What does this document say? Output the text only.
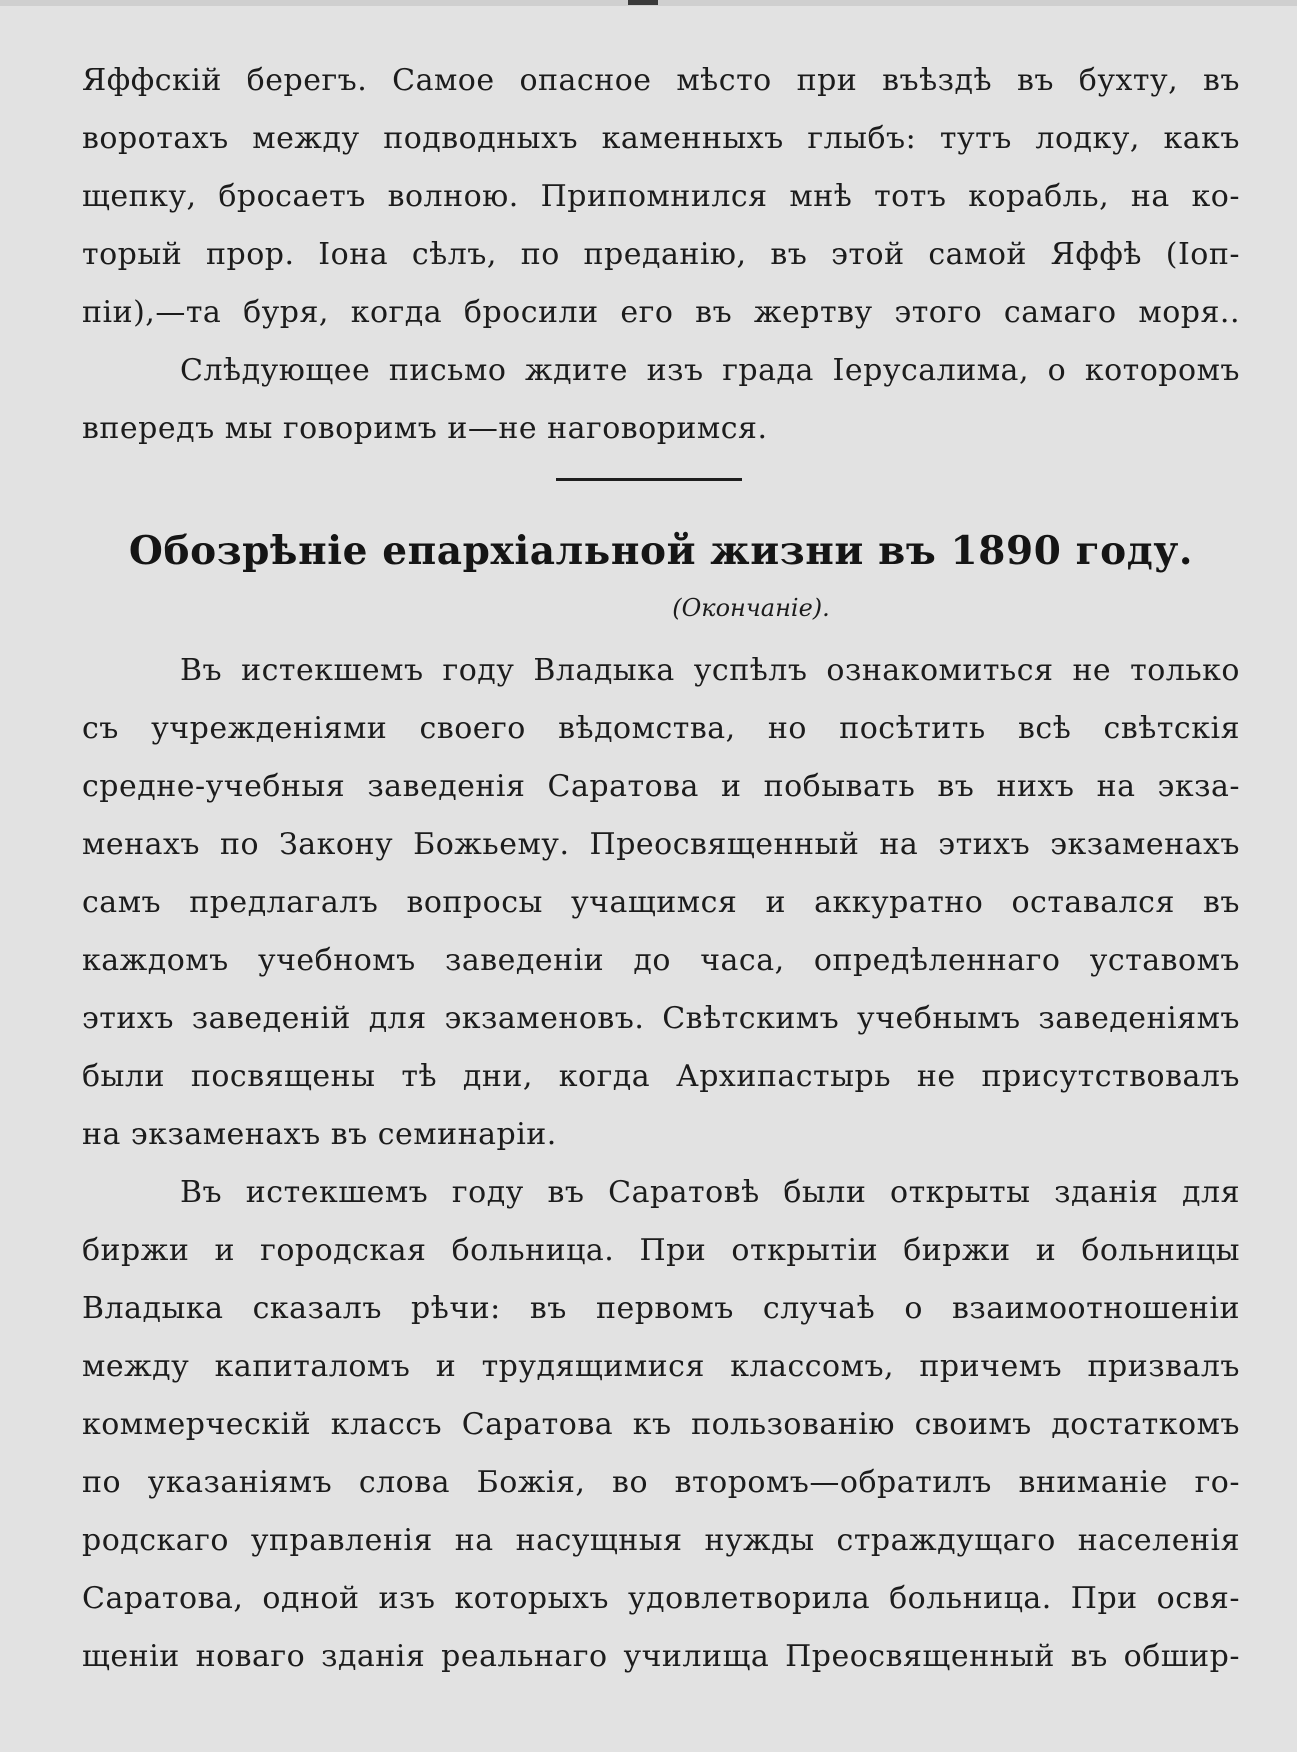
Яффскій берегъ. Самое опасное мѣсто при въѣздѣ въ бухту, въ
воротахъ между подводныхъ каменныхъ глыбъ: тутъ лодку, какъ
щепку, бросаетъ волною. Припомнился мнѣ тотъ корабль, на ко-
торый прор. Іона сѣлъ, по преданію, въ этой самой Яффѣ (Іоп-
піи),—та буря, когда бросили его въ жертву этого самаго моря..
Слѣдующее письмо ждите изъ града Іерусалима, о которомъ
впередъ мы говоримъ и—не наговоримся.
Обозрѣніе епархіальной жизни въ 1890 году.
(Окончаніе).
Въ истекшемъ году Владыка успѣлъ ознакомиться не только
съ учрежденіями своего вѣдомства, но посѣтить всѣ свѣтскія
средне-учебныя заведенія Саратова и побывать въ нихъ на экза-
менахъ по Закону Божьему. Преосвященный на этихъ экзаменахъ
самъ предлагалъ вопросы учащимся и аккуратно оставался въ
каждомъ учебномъ заведеніи до часа, опредѣленнаго уставомъ
этихъ заведеній для экзаменовъ. Свѣтскимъ учебнымъ заведеніямъ
были посвящены тѣ дни, когда Архипастырь не присутствовалъ
на экзаменахъ въ семинаріи.
Въ истекшемъ году въ Саратовѣ были открыты зданія для
биржи и городская больница. При открытіи биржи и больницы
Владыка сказалъ рѣчи: въ первомъ случаѣ о взаимоотношеніи
между капиталомъ и трудящимися классомъ, причемъ призвалъ
коммерческій классъ Саратова къ пользованію своимъ достаткомъ
по указаніямъ слова Божія, во второмъ—обратилъ вниманіе го-
родскаго управленія на насущныя нужды страждущаго населенія
Саратова, одной изъ которыхъ удовлетворила больница. При освя-
щеніи новаго зданія реальнаго училища Преосвященный въ обшир-
